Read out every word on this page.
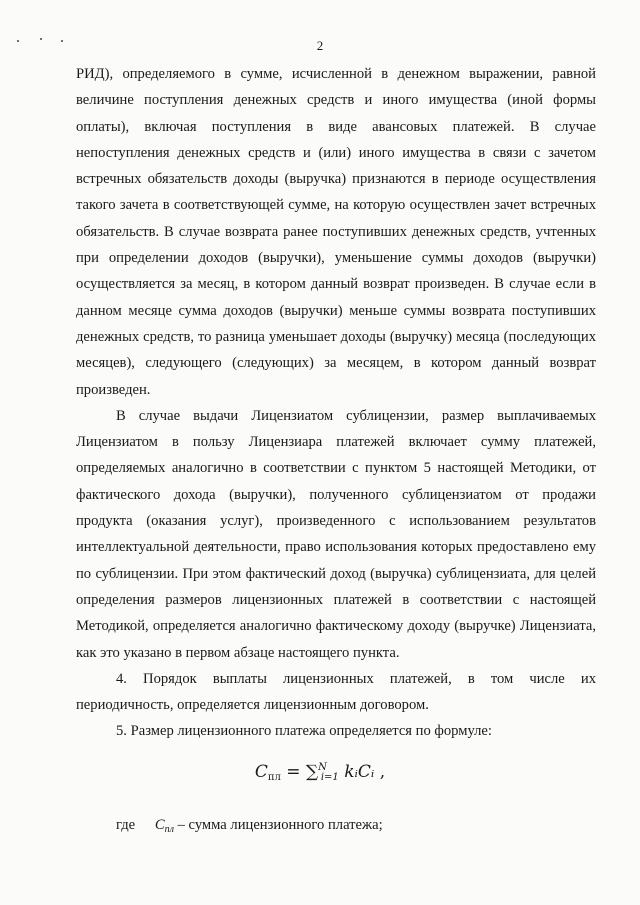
2

РИД), определяемого в сумме, исчисленной в денежном выражении, равной величине поступления денежных средств и иного имущества (иной формы оплаты), включая поступления в виде авансовых платежей. В случае непоступления денежных средств и (или) иного имущества в связи с зачетом встречных обязательств доходы (выручка) признаются в периоде осуществления такого зачета в соответствующей сумме, на которую осуществлен зачет встречных обязательств. В случае возврата ранее поступивших денежных средств, учтенных при определении доходов (выручки), уменьшение суммы доходов (выручки) осуществляется за месяц, в котором данный возврат произведен. В случае если в данном месяце сумма доходов (выручки) меньше суммы возврата поступивших денежных средств, то разница уменьшает доходы (выручку) месяца (последующих месяцев), следующего (следующих) за месяцем, в котором данный возврат произведен.

В случае выдачи Лицензиатом сублицензии, размер выплачиваемых Лицензиатом в пользу Лицензиара платежей включает сумму платежей, определяемых аналогично в соответствии с пунктом 5 настоящей Методики, от фактического дохода (выручки), полученного сублицензиатом от продажи продукта (оказания услуг), произведенного с использованием результатов интеллектуальной деятельности, право использования которых предоставлено ему по сублицензии. При этом фактический доход (выручка) сублицензиата, для целей определения размеров лицензионных платежей в соответствии с настоящей Методикой, определяется аналогично фактическому доходу (выручке) Лицензиата, как это указано в первом абзаце настоящего пункта.

4. Порядок выплаты лицензионных платежей, в том числе их периодичность, определяется лицензионным договором.

5. Размер лицензионного платежа определяется по формуле:

$C_{пл} = \sum^N_{i=1}$ kᵢCᵢ ,
где $C_{пл}$ – сумма лицензионного платежа;
